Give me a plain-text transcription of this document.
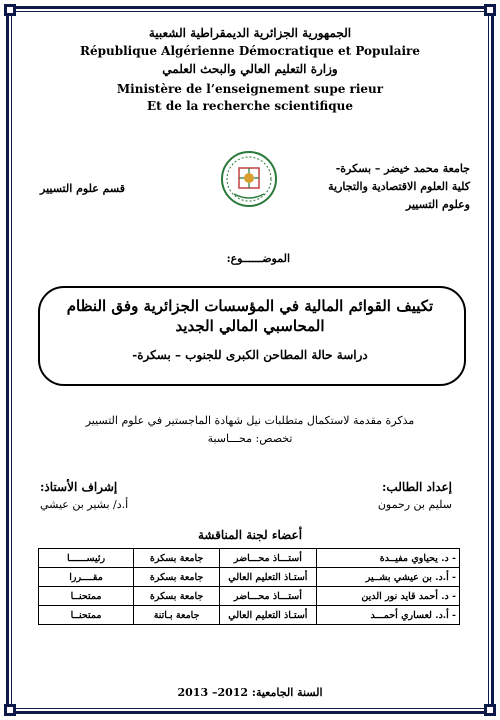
الجمهورية الجزائرية الديمقراطية الشعبية
République Algérienne Démocratique et Populaire
وزارة التعليم العالي والبحث العلمي
Ministère de l’enseignement supe rieur
Et de la recherche scientifique
جامعة محمد خيضر – بسكرة-
كلية العلوم الاقتصادية والتجارية وعلوم التسيير
قسم علوم التسيير
الموضــــــوع:
تكييف القوائم المالية في المؤسسات الجزائرية وفق النظام المحاسبي المالي الجديد
دراسة حالة المطاحن الكبرى للجنوب – بسكرة-
مذكرة مقدمة لاستكمال متطلبات نيل شهادة الماجستير في علوم التسيير
تخصص: محـــاسبة
إعداد الطالب:
سليم بن رحمون
إشراف الأستاذ:
أ.د/ بشير بن عيشي
أعضاء لجنة المناقشة
- د. يحياوي مفيــدة	أستـــاذ محـــاضر	جامعة بسكرة	رئيســــــا
- أ.د. بن عيشي بشــير	أستـاذ التعليم العالي	جامعة بسكرة	مقــــررا
- د. أحمد قايد نور الدين	أستـــاذ محـــاضر	جامعة بسكرة	ممتحنــا
- أ.د. لعساري أحمـــد	أستـاذ التعليم العالي	جامعة بـاتنة	ممتحنــا
السنة الجامعية: 2012– 2013
